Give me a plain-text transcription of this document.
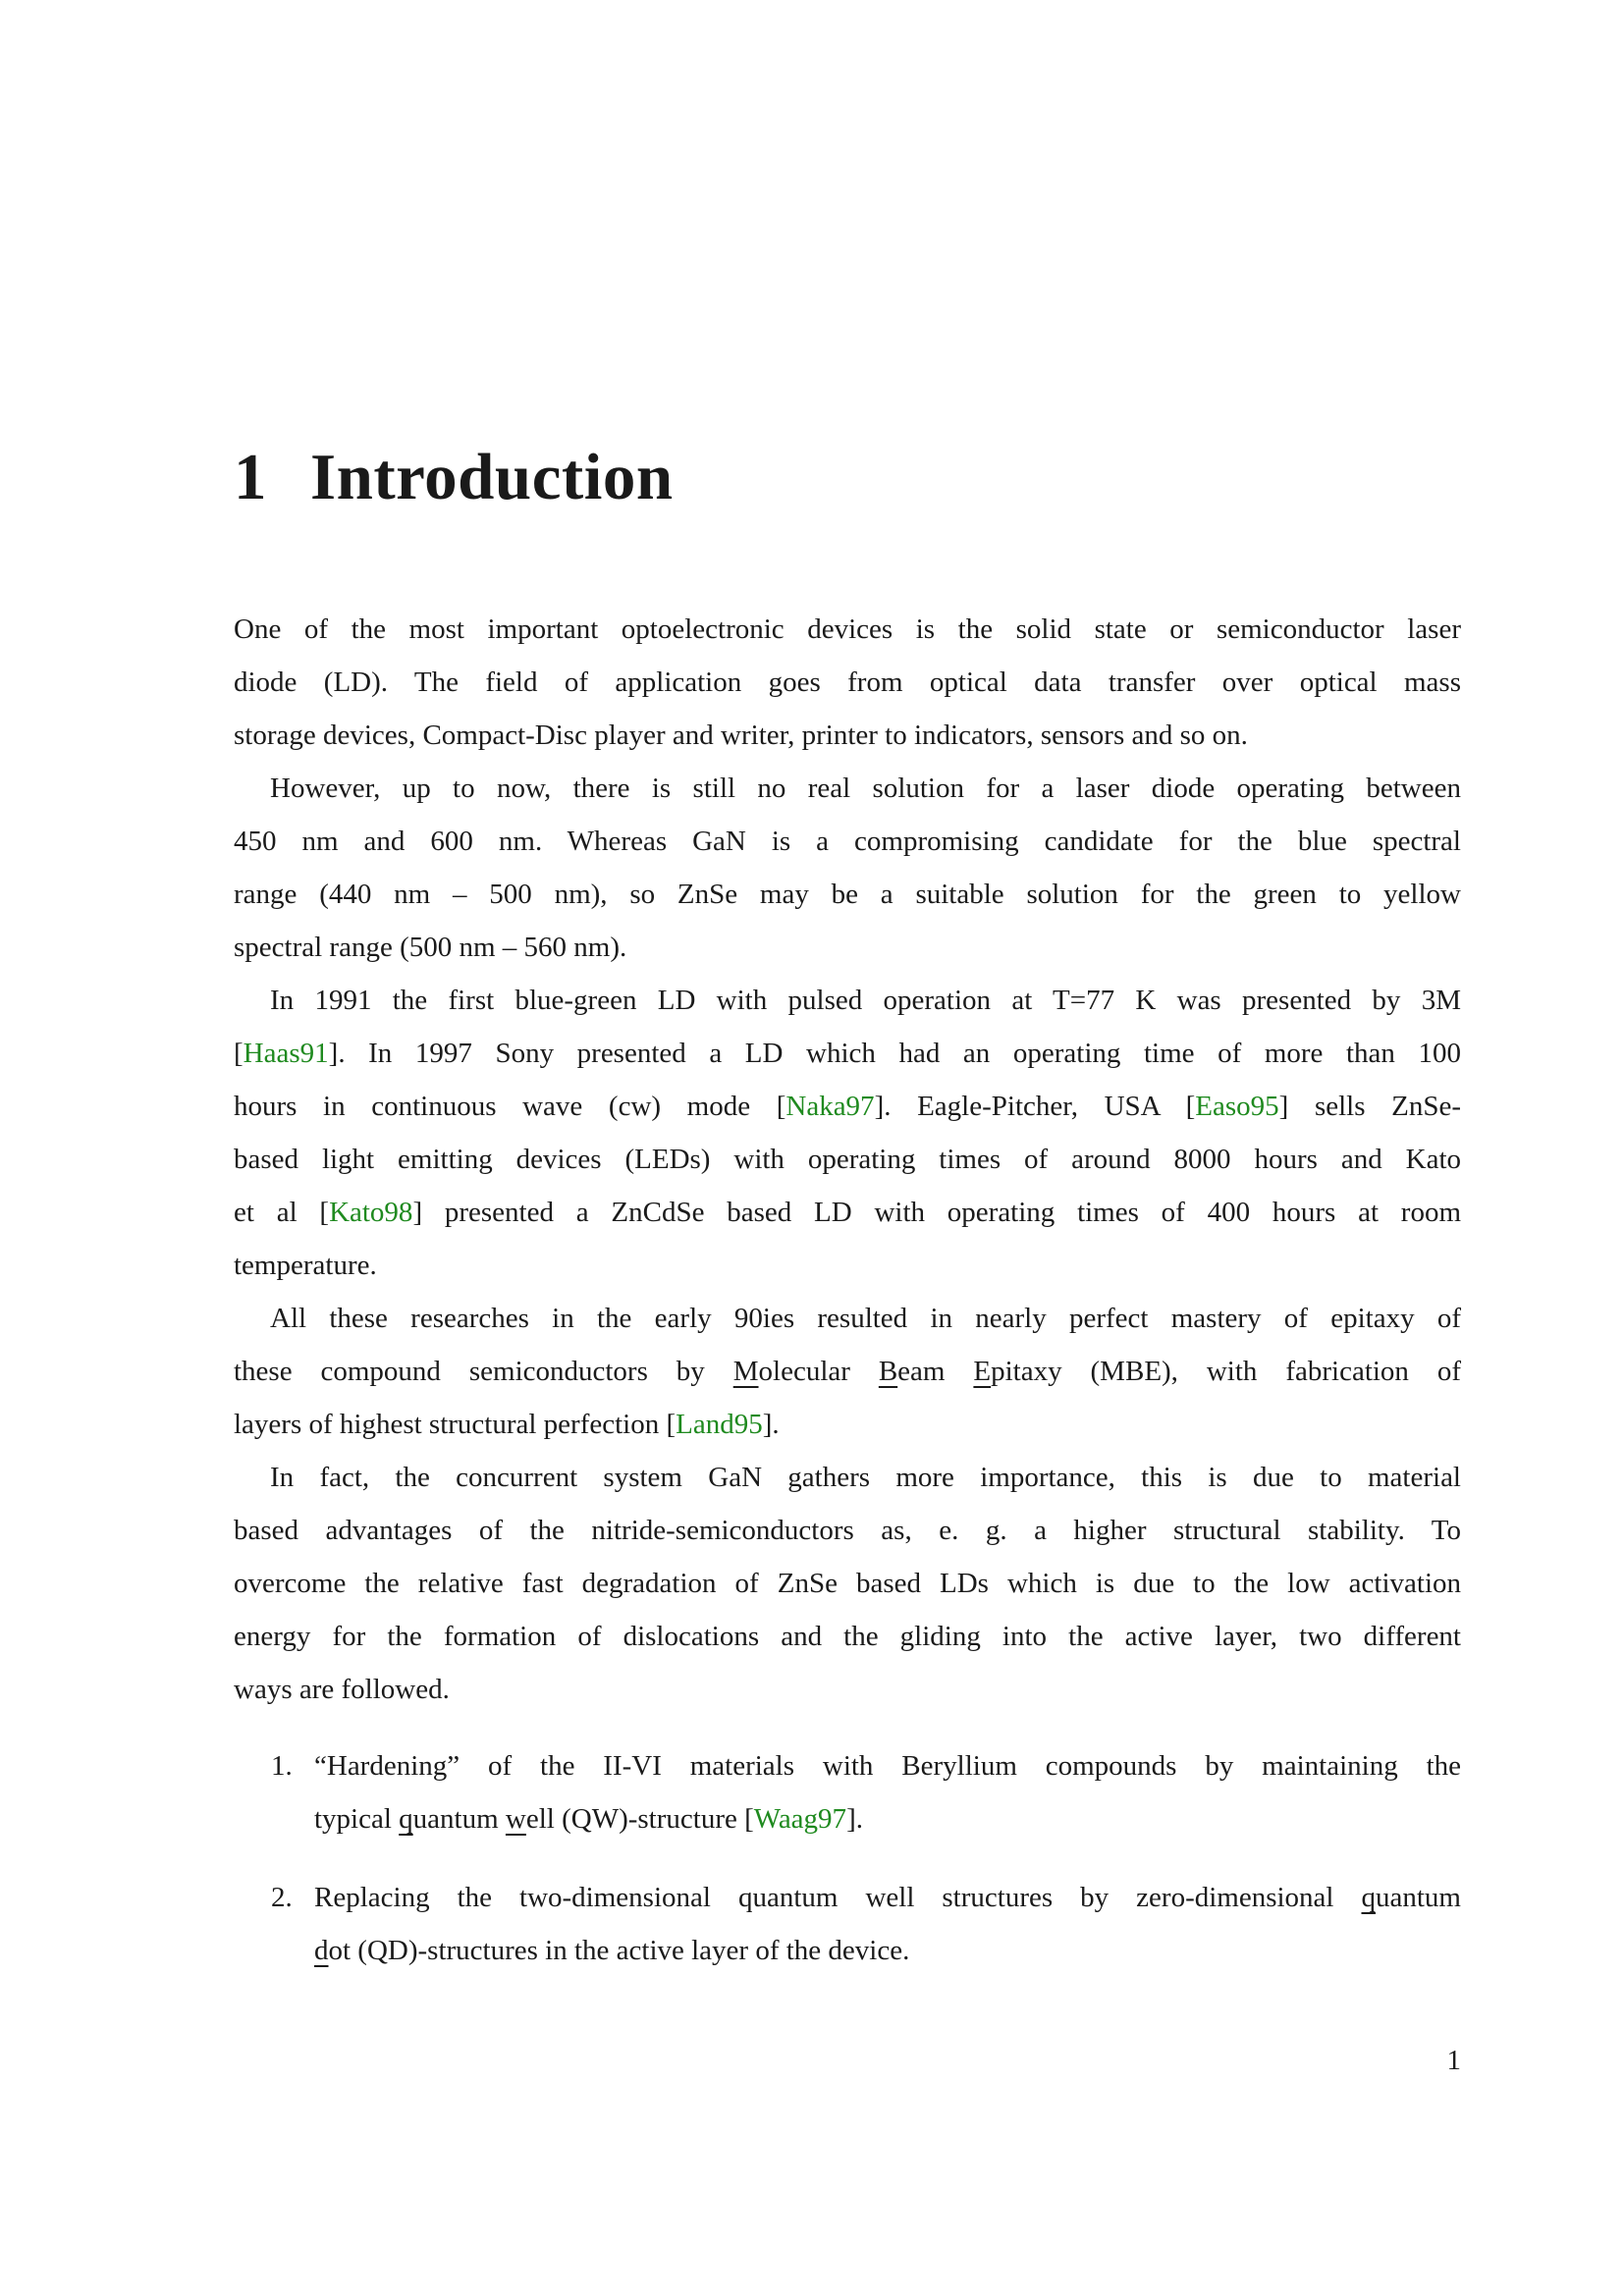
1 Introduction
One of the most important optoelectronic devices is the solid state or semiconductor laser
diode (LD). The field of application goes from optical data transfer over optical mass
storage devices, Compact-Disc player and writer, printer to indicators, sensors and so on.
However, up to now, there is still no real solution for a laser diode operating between
450 nm and 600 nm. Whereas GaN is a compromising candidate for the blue spectral
range (440 nm – 500 nm), so ZnSe may be a suitable solution for the green to yellow
spectral range (500 nm – 560 nm).
In 1991 the first blue-green LD with pulsed operation at T=77 K was presented by 3M
[Haas91]. In 1997 Sony presented a LD which had an operating time of more than 100
hours in continuous wave (cw) mode [Naka97]. Eagle-Pitcher, USA [Easo95] sells ZnSe-
based light emitting devices (LEDs) with operating times of around 8000 hours and Kato
et al [Kato98] presented a ZnCdSe based LD with operating times of 400 hours at room
temperature.
All these researches in the early 90ies resulted in nearly perfect mastery of epitaxy of
these compound semiconductors by Molecular Beam Epitaxy (MBE), with fabrication of
layers of highest structural perfection [Land95].
In fact, the concurrent system GaN gathers more importance, this is due to material
based advantages of the nitride-semiconductors as, e. g. a higher structural stability. To
overcome the relative fast degradation of ZnSe based LDs which is due to the low activation
energy for the formation of dislocations and the gliding into the active layer, two different
ways are followed.
1. “Hardening” of the II-VI materials with Beryllium compounds by maintaining the
typical quantum well (QW)-structure [Waag97].
2. Replacing the two-dimensional quantum well structures by zero-dimensional quantum
dot (QD)-structures in the active layer of the device.
1
